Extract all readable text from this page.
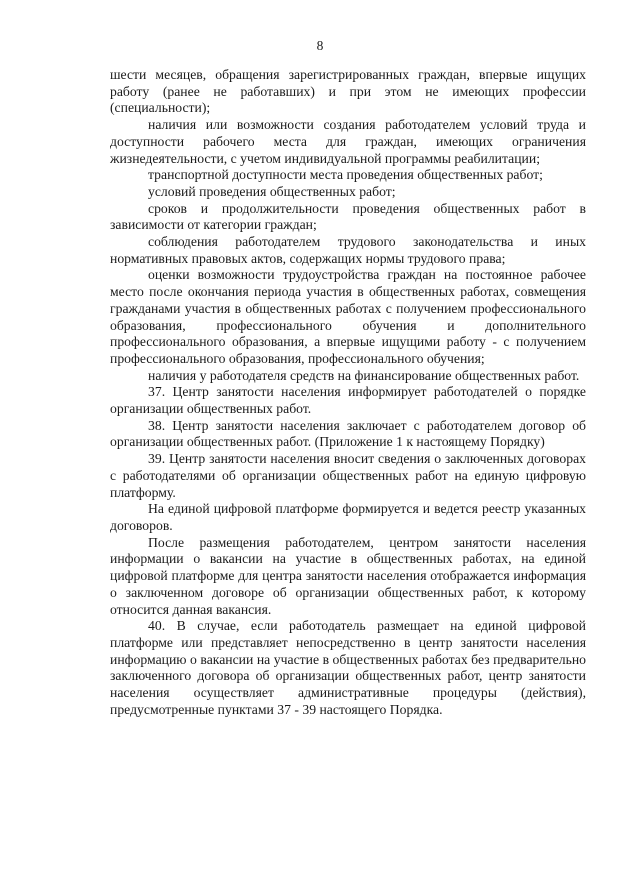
8

шести месяцев, обращения зарегистрированных граждан, впервые ищущих работу (ранее не работавших) и при этом не имеющих профессии (специальности);

наличия или возможности создания работодателем условий труда и доступности рабочего места для граждан, имеющих ограничения жизнедеятельности, с учетом индивидуальной программы реабилитации;

транспортной доступности места проведения общественных работ;

условий проведения общественных работ;

сроков и продолжительности проведения общественных работ в зависимости от категории граждан;

соблюдения работодателем трудового законодательства и иных нормативных правовых актов, содержащих нормы трудового права;

оценки возможности трудоустройства граждан на постоянное рабочее место после окончания периода участия в общественных работах, совмещения гражданами участия в общественных работах с получением профессионального образования, профессионального обучения и дополнительного профессионального образования, а впервые ищущими работу - с получением профессионального образования, профессионального обучения;

наличия у работодателя средств на финансирование общественных работ.

37. Центр занятости населения информирует работодателей о порядке организации общественных работ.

38. Центр занятости населения заключает с работодателем договор об организации общественных работ. (Приложение 1 к настоящему Порядку)

39. Центр занятости населения вносит сведения о заключенных договорах с работодателями об организации общественных работ на единую цифровую платформу.

На единой цифровой платформе формируется и ведется реестр указанных договоров.

После размещения работодателем, центром занятости населения информации о вакансии на участие в общественных работах, на единой цифровой платформе для центра занятости населения отображается информация о заключенном договоре об организации общественных работ, к которому относится данная вакансия.

40. В случае, если работодатель размещает на единой цифровой платформе или представляет непосредственно в центр занятости населения информацию о вакансии на участие в общественных работах без предварительно заключенного договора об организации общественных работ, центр занятости населения осуществляет административные процедуры (действия), предусмотренные пунктами 37 - 39 настоящего Порядка.
